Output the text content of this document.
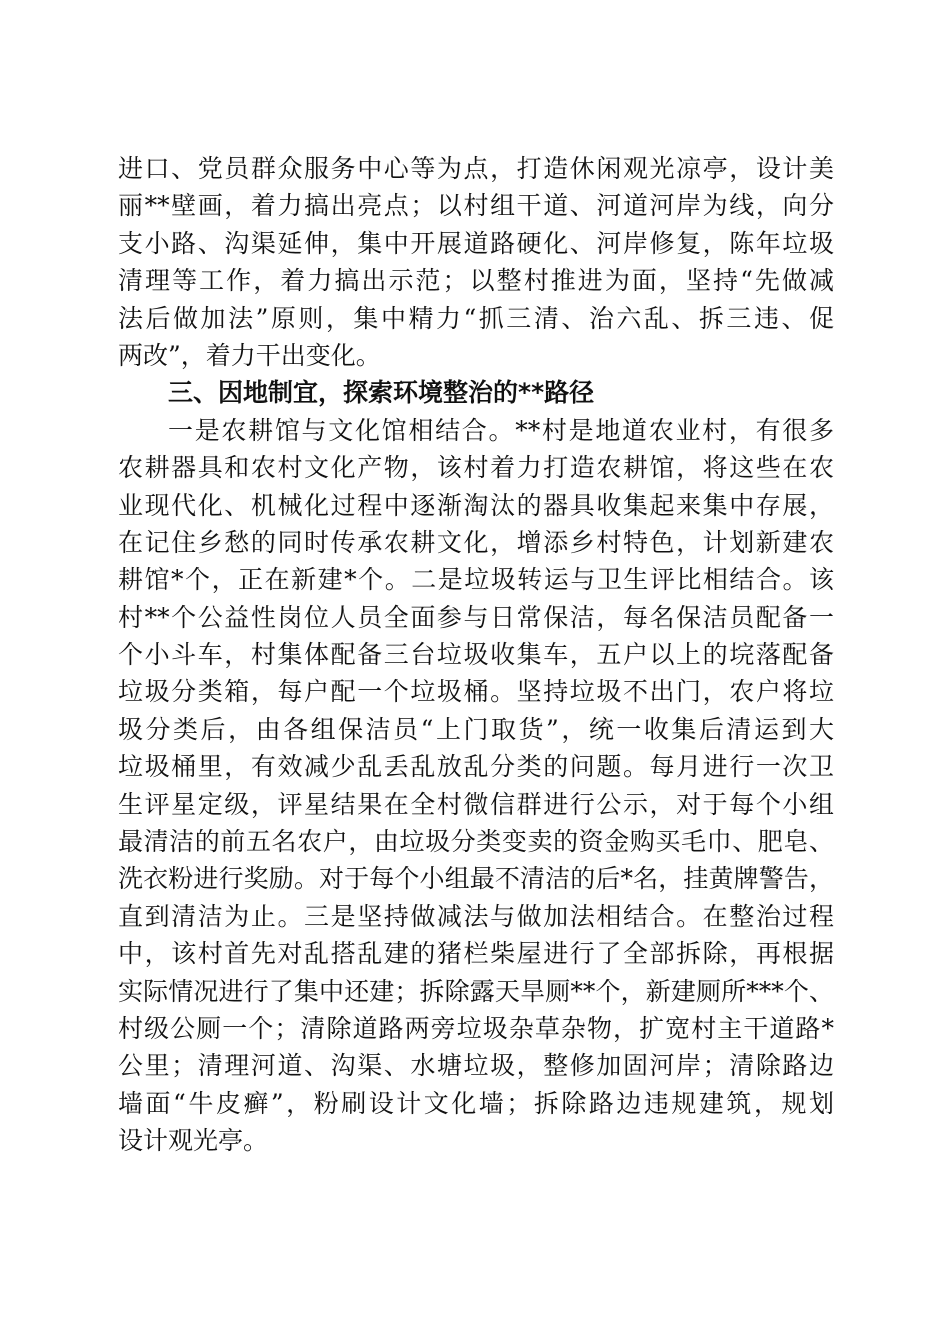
进口、党员群众服务中心等为点，打造休闲观光凉亭，设计美
丽**壁画，着力搞出亮点；以村组干道、河道河岸为线，向分
支小路、沟渠延伸，集中开展道路硬化、河岸修复，陈年垃圾
清理等工作，着力搞出示范；以整村推进为面，坚持“先做减
法后做加法”原则，集中精力“抓三清、治六乱、拆三违、促
两改”，着力干出变化。
三、因地制宜，探索环境整治的**路径
一是农耕馆与文化馆相结合。**村是地道农业村，有很多
农耕器具和农村文化产物，该村着力打造农耕馆，将这些在农
业现代化、机械化过程中逐渐淘汰的器具收集起来集中存展，
在记住乡愁的同时传承农耕文化，增添乡村特色，计划新建农
耕馆*个，正在新建*个。二是垃圾转运与卫生评比相结合。该
村**个公益性岗位人员全面参与日常保洁，每名保洁员配备一
个小斗车，村集体配备三台垃圾收集车，五户以上的垸落配备
垃圾分类箱，每户配一个垃圾桶。坚持垃圾不出门，农户将垃
圾分类后，由各组保洁员“上门取货”，统一收集后清运到大
垃圾桶里，有效减少乱丢乱放乱分类的问题。每月进行一次卫
生评星定级，评星结果在全村微信群进行公示，对于每个小组
最清洁的前五名农户，由垃圾分类变卖的资金购买毛巾、肥皂、
洗衣粉进行奖励。对于每个小组最不清洁的后*名，挂黄牌警告，
直到清洁为止。三是坚持做减法与做加法相结合。在整治过程
中，该村首先对乱搭乱建的猪栏柴屋进行了全部拆除，再根据
实际情况进行了集中还建；拆除露天旱厕**个，新建厕所***个、
村级公厕一个；清除道路两旁垃圾杂草杂物，扩宽村主干道路*
公里；清理河道、沟渠、水塘垃圾，整修加固河岸；清除路边
墙面“牛皮癣”，粉刷设计文化墙；拆除路边违规建筑，规划
设计观光亭。
